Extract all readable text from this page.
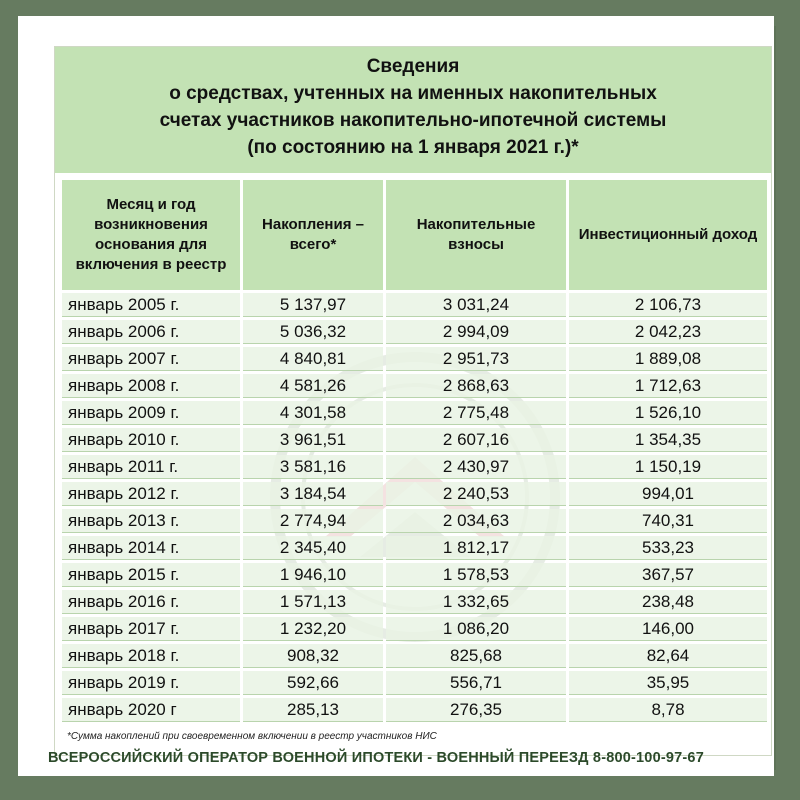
Сведения
о средствах, учтенных на именных накопительных
счетах участников накопительно-ипотечной системы
(по состоянию на 1 января 2021 г.)*
Месяц и год возникновения основания для включения в реестр	Накопления – всего*	Накопительные взносы	Инвестиционный доход
январь 2005 г.	5 137,97	3 031,24	2 106,73
январь 2006 г.	5 036,32	2 994,09	2 042,23
январь 2007 г.	4 840,81	2 951,73	1 889,08
январь 2008 г.	4 581,26	2 868,63	1 712,63
январь 2009 г.	4 301,58	2 775,48	1 526,10
январь 2010 г.	3 961,51	2 607,16	1 354,35
январь 2011 г.	3 581,16	2 430,97	1 150,19
январь 2012 г.	3 184,54	2 240,53	994,01
январь 2013 г.	2 774,94	2 034,63	740,31
январь 2014 г.	2 345,40	1 812,17	533,23
январь 2015 г.	1 946,10	1 578,53	367,57
январь 2016 г.	1 571,13	1 332,65	238,48
январь 2017 г.	1 232,20	1 086,20	146,00
январь 2018 г.	908,32	825,68	82,64
январь 2019 г.	592,66	556,71	35,95
январь 2020 г	285,13	276,35	8,78
*Сумма накоплений при своевременном включении в реестр участников НИС
ВСЕРОССИЙСКИЙ ОПЕРАТОР ВОЕННОЙ ИПОТЕКИ - ВОЕННЫЙ ПЕРЕЕЗД 8-800-100-97-67
